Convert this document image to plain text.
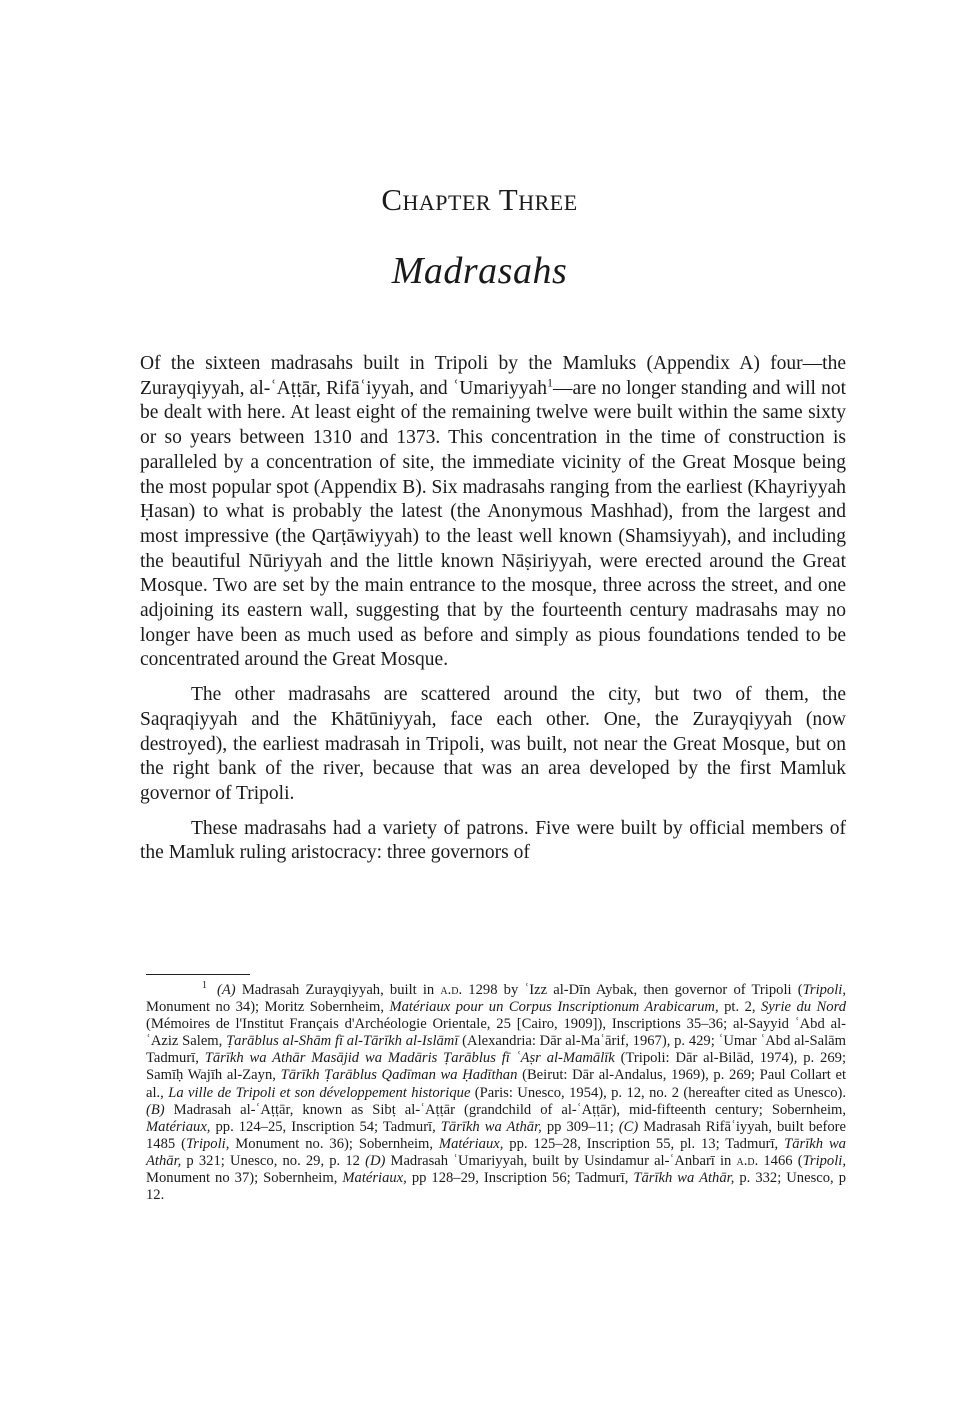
Chapter Three
Madrasahs

Of the sixteen madrasahs built in Tripoli by the Mamluks (Appendix A) four—the Zurayqiyyah, al-ʿAṭṭār, Rifāʿiyyah, and ʿUmariyyah$^1$—are no longer standing and will not be dealt with here. At least eight of the remaining twelve were built within the same sixty or so years between 1310 and 1373. This concentration in the time of construction is paralleled by a concentration of site, the immediate vicinity of the Great Mosque being the most popular spot (Appendix B). Six madrasahs ranging from the earliest (Khayriyyah Ḥasan) to what is probably the latest (the Anonymous Mashhad), from the largest and most impressive (the Qarṭāwiyyah) to the least well known (Shamsiyyah), and including the beautiful Nūriyyah and the little known Nāṣiriyyah, were erected around the Great Mosque. Two are set by the main entrance to the mosque, three across the street, and one adjoining its eastern wall, suggesting that by the fourteenth century madrasahs may no longer have been as much used as before and simply as pious foundations tended to be concentrated around the Great Mosque.

The other madrasahs are scattered around the city, but two of them, the Saqraqiyyah and the Khātūniyyah, face each other. One, the Zurayqiyyah (now destroyed), the earliest madrasah in Tripoli, was built, not near the Great Mosque, but on the right bank of the river, because that was an area developed by the first Mamluk governor of Tripoli.

These madrasahs had a variety of patrons. Five were built by official members of the Mamluk ruling aristocracy: three governors of

$^1$ (A) Madrasah Zurayqiyyah, built in a.d. 1298 by ʿIzz al-Dīn Aybak, then governor of Tripoli (Tripoli, Monument no 34); Moritz Sobernheim, Matériaux pour un Corpus Inscriptionum Arabicarum, pt. 2, Syrie du Nord (Mémoires de l'Institut Français d'Archéologie Orientale, 25 [Cairo, 1909]), Inscriptions 35–36; al-Sayyid ʿAbd al-ʿAziz Salem, Ṭarāblus al-Shām fī al-Tārīkh al-Islāmī (Alexandria: Dār al-Maʿārif, 1967), p. 429; ʿUmar ʿAbd al-Salām Tadmurī, Tārīkh wa Athār Masājid wa Madāris Ṭarāblus fī ʿAṣr al-Mamālīk (Tripoli: Dār al-Bilād, 1974), p. 269; Samīḥ Wajīh al-Zayn, Tārīkh Ṭarāblus Qadīman wa Ḥadīthan (Beirut: Dār al-Andalus, 1969), p. 269; Paul Collart et al., La ville de Tripoli et son développement historique (Paris: Unesco, 1954), p. 12, no. 2 (hereafter cited as Unesco). (B) Madrasah al-ʿAṭṭār, known as Sibṭ al-ʿAṭṭār (grandchild of al-ʿAṭṭār), mid-fifteenth century; Sobernheim, Matériaux, pp. 124–25, Inscription 54; Tadmurī, Tārīkh wa Athār, pp 309–11; (C) Madrasah Rifāʿiyyah, built before 1485 (Tripoli, Monument no. 36); Sobernheim, Matériaux, pp. 125–28, Inscription 55, pl. 13; Tadmurī, Tārīkh wa Athār, p 321; Unesco, no. 29, p. 12 (D) Madrasah ʿUmariyyah, built by Usindamur al-ʿAnbarī in a.d. 1466 (Tripoli, Monument no 37); Sobernheim, Matériaux, pp 128–29, Inscription 56; Tadmurī, Tārīkh wa Athār, p. 332; Unesco, p 12.
